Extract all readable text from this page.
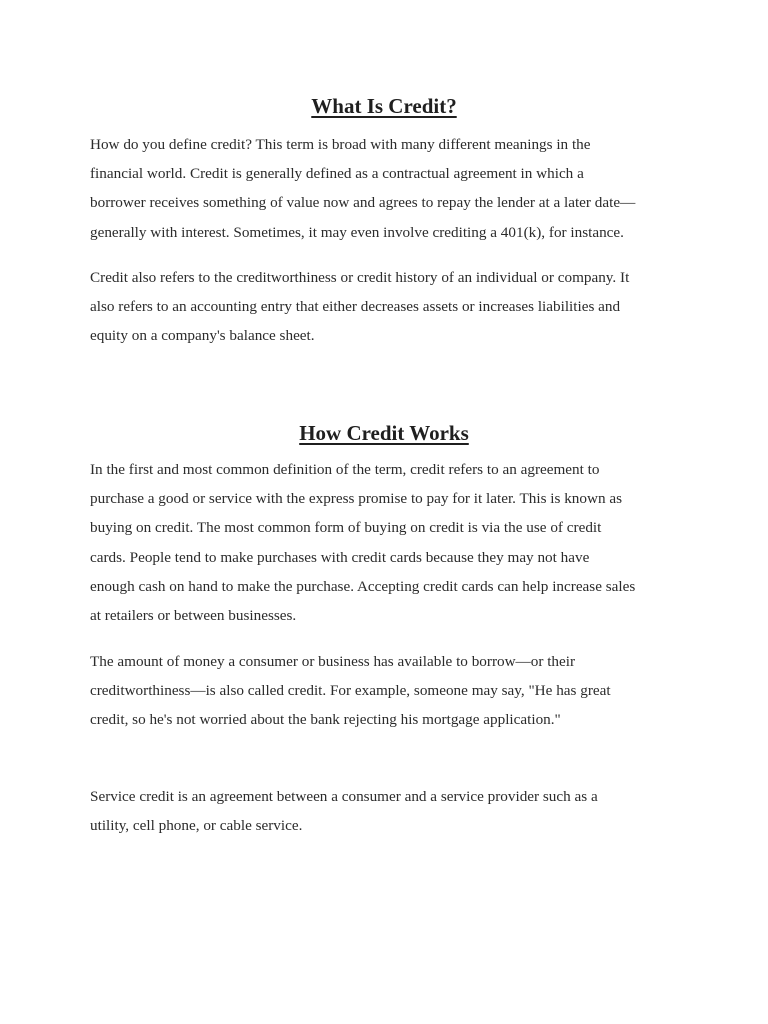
What Is Credit?
How do you define credit? This term is broad with many different meanings in the
financial world. Credit is generally defined as a contractual agreement in which a
borrower receives something of value now and agrees to repay the lender at a later date—
generally with interest. Sometimes, it may even involve crediting a 401(k), for instance.
Credit also refers to the creditworthiness or credit history of an individual or company. It
also refers to an accounting entry that either decreases assets or increases liabilities and
equity on a company's balance sheet.
How Credit Works
In the first and most common definition of the term, credit refers to an agreement to
purchase a good or service with the express promise to pay for it later. This is known as
buying on credit. The most common form of buying on credit is via the use of credit
cards. People tend to make purchases with credit cards because they may not have
enough cash on hand to make the purchase. Accepting credit cards can help increase sales
at retailers or between businesses.
The amount of money a consumer or business has available to borrow—or their
creditworthiness—is also called credit. For example, someone may say, "He has great
credit, so he's not worried about the bank rejecting his mortgage application."
Service credit is an agreement between a consumer and a service provider such as a
utility, cell phone, or cable service.
